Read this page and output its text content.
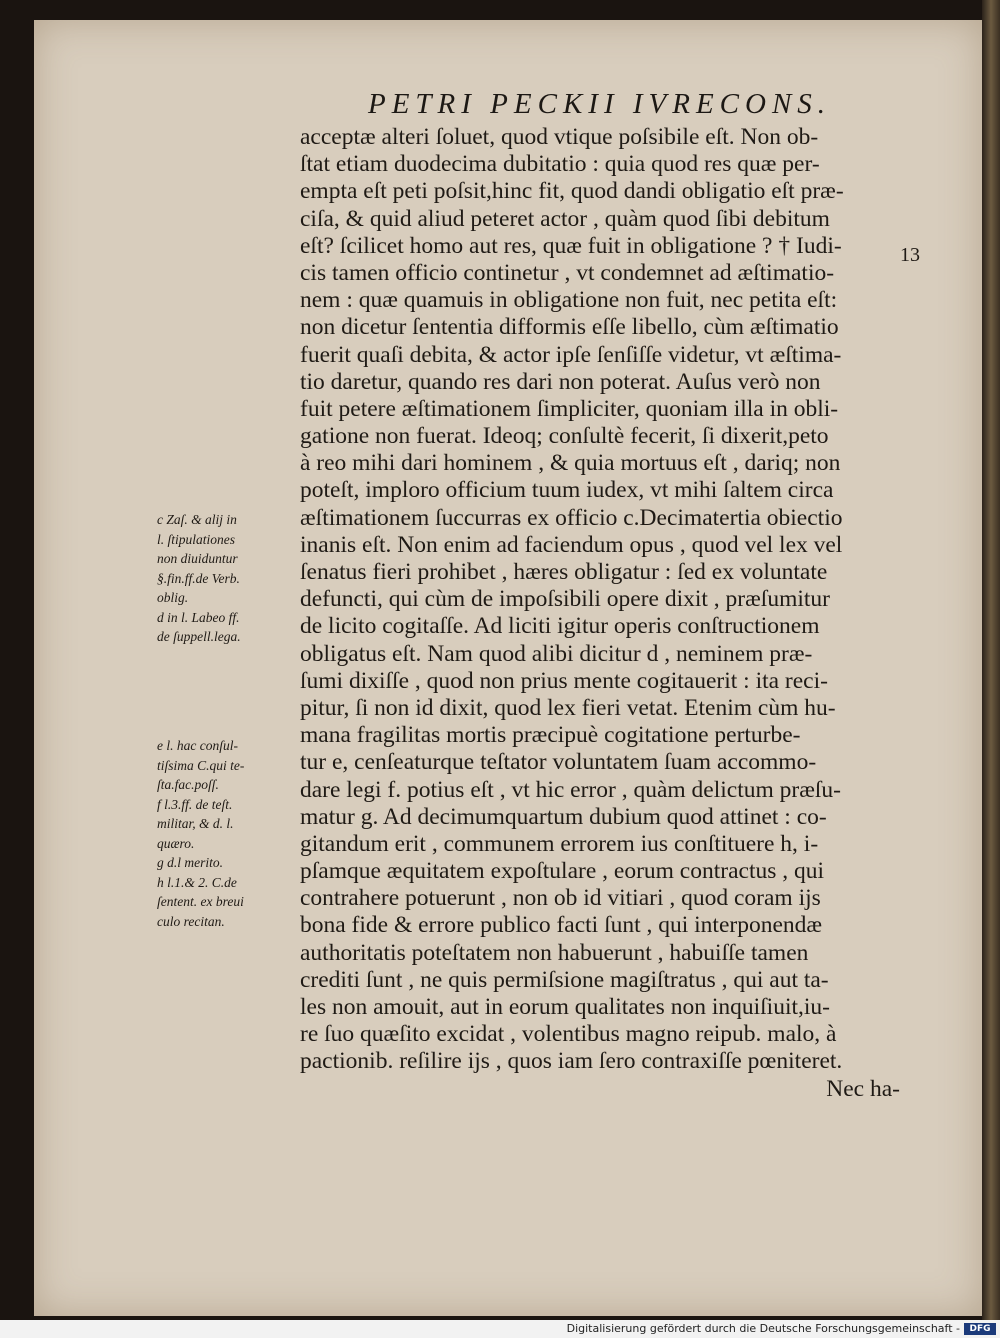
PETRI PECKII IVRECONS.
13
acceptæ alteri ſoluet, quod vtique poſsibile eſt. Non ob-
ſtat etiam duodecima dubitatio : quia quod res quæ per-
empta eſt peti poſsit,hinc fit, quod dandi obligatio eſt præ-
ciſa, & quid aliud peteret actor , quàm quod ſibi debitum
eſt? ſcilicet homo aut res, quæ fuit in obligatione ? † Iudi-
cis tamen officio continetur , vt condemnet ad æſtimatio-
nem : quæ quamuis in obligatione non fuit, nec petita eſt:
non dicetur ſententia difformis eſſe libello, cùm æſtimatio
fuerit quaſi debita, & actor ipſe ſenſiſſe videtur, vt æſtima-
tio daretur, quando res dari non poterat. Auſus verò non
fuit petere æſtimationem ſimpliciter, quoniam illa in obli-
gatione non fuerat. Ideoq; conſultè fecerit, ſi dixerit,peto
à reo mihi dari hominem , & quia mortuus eſt , dariq; non
poteſt, imploro officium tuum iudex, vt mihi ſaltem circa
æſtimationem ſuccurras ex officio c.Decimatertia obiectio
inanis eſt. Non enim ad faciendum opus , quod vel lex vel
ſenatus fieri prohibet , hæres obligatur : ſed ex voluntate
defuncti, qui cùm de impoſsibili opere dixit , præſumitur
de licito cogitaſſe. Ad liciti igitur operis conſtructionem
obligatus eſt. Nam quod alibi dicitur d , neminem præ-
ſumi dixiſſe , quod non prius mente cogitauerit : ita reci-
pitur, ſi non id dixit, quod lex fieri vetat. Etenim cùm hu-
mana fragilitas mortis præcipuè cogitatione perturbe-
tur e, cenſeaturque teſtator voluntatem ſuam accommo-
dare legi f. potius eſt , vt hic error , quàm delictum præſu-
matur g. Ad decimumquartum dubium quod attinet : co-
gitandum erit , communem errorem ius conſtituere h, i-
pſamque æquitatem expoſtulare , eorum contractus , qui
contrahere potuerunt , non ob id vitiari , quod coram ijs
bona fide & errore publico facti ſunt , qui interponendæ
authoritatis poteſtatem non habuerunt , habuiſſe tamen
crediti ſunt , ne quis permiſsione magiſtratus , qui aut ta-
les non amouit, aut in eorum qualitates non inquiſiuit,iu-
re ſuo quæſito excidat , volentibus magno reipub. malo, à
pactionib. reſilire ijs , quos iam ſero contraxiſſe pœniteret.
Nec ha-
c Zaſ. & alij in
l. ſtipulationes
non diuiduntur
§.fin.ff.de Verb.
oblig.
d in l. Labeo ff.
de ſuppell.lega.
e l. hac conſul-
tiſsima C.qui te-
ſta.fac.poſſ.
f l.3.ff. de teſt.
militar, & d. l.
quæro.
g d.l merito.
h l.1.& 2. C.de
ſentent. ex breui
culo recitan.
Digitalisierung gefördert durch die Deutsche Forschungsgemeinschaft -	DFG
